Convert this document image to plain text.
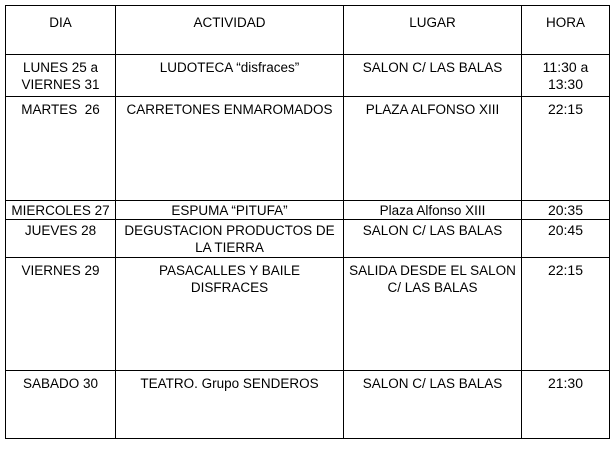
DIA	ACTIVIDAD	LUGAR	HORA
LUNES 25 a VIERNES 31	LUDOTECA “disfraces”	SALON C/ LAS BALAS	11:30 a 13:30
MARTES  26	CARRETONES ENMAROMADOS	PLAZA ALFONSO XIII	22:15
MIERCOLES 27	ESPUMA “PITUFA”	Plaza Alfonso XIII	20:35
JUEVES 28	DEGUSTACION PRODUCTOS DE LA TIERRA	SALON C/ LAS BALAS	20:45
VIERNES 29	PASACALLES Y BAILE DISFRACES	SALIDA DESDE EL SALON C/ LAS BALAS	22:15
SABADO 30	TEATRO. Grupo SENDEROS	SALON C/ LAS BALAS	21:30
